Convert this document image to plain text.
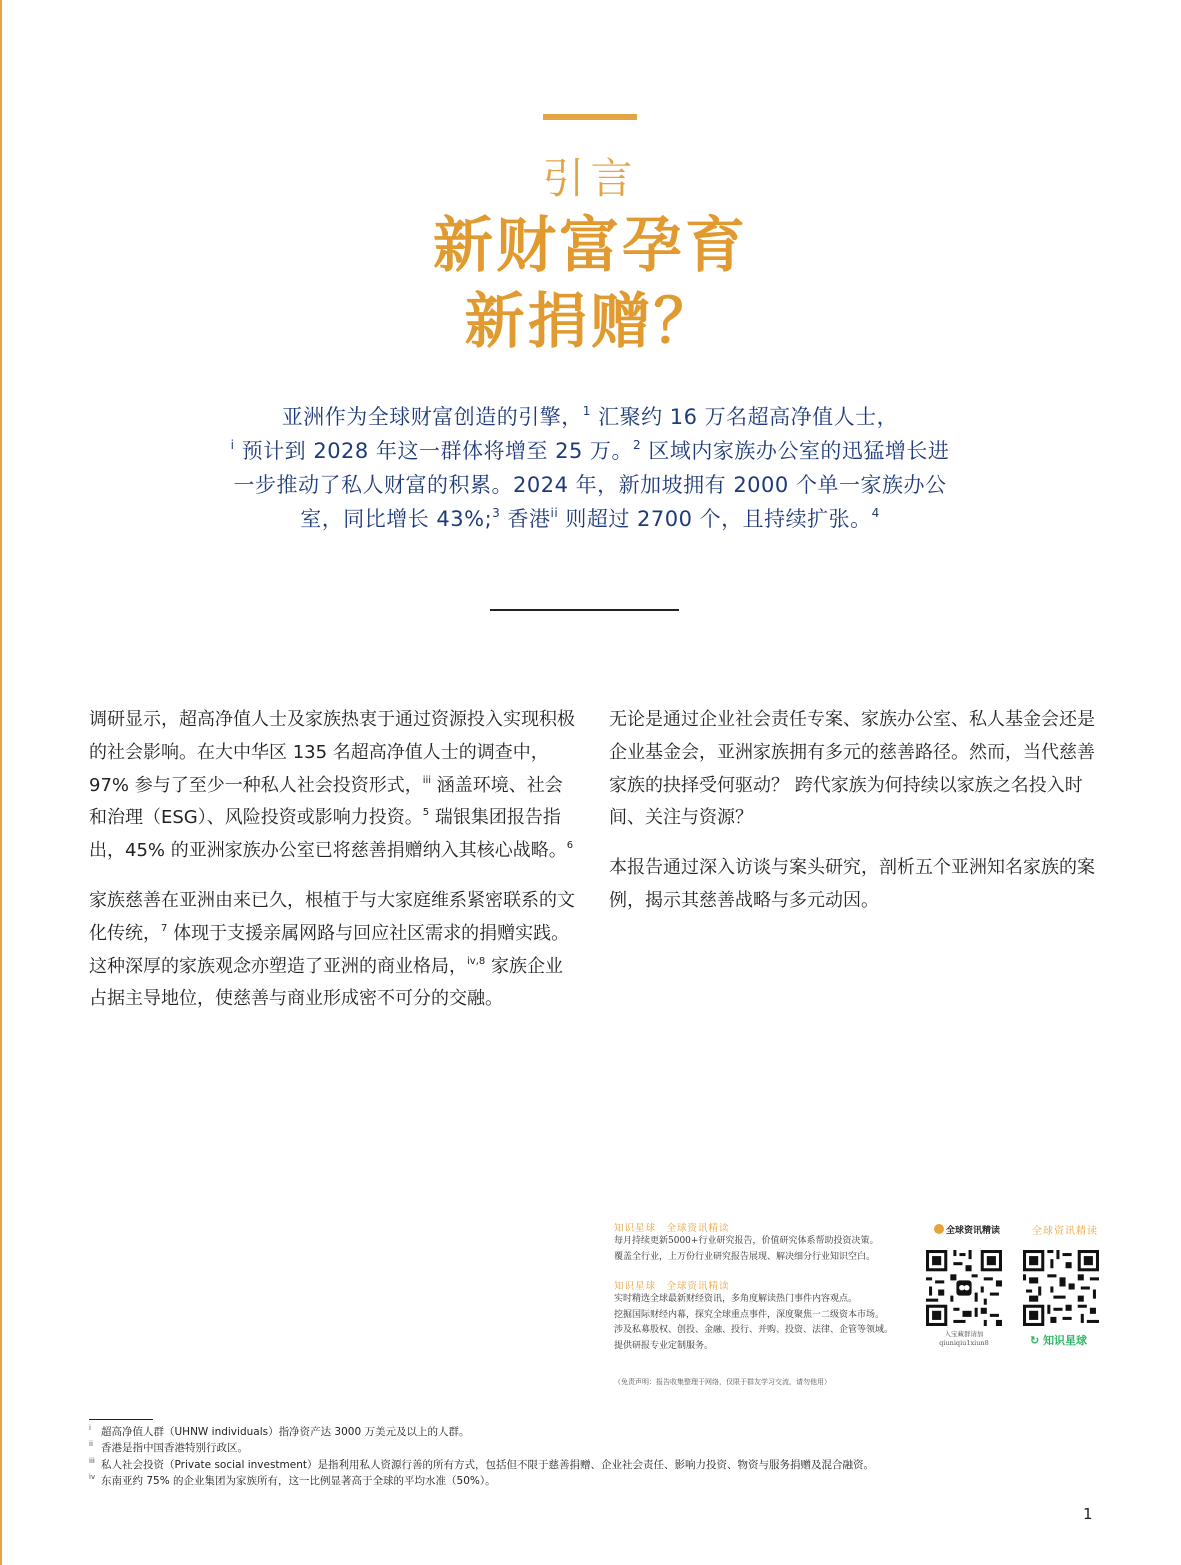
引言
新财富孕育
新捐赠？
亚洲作为全球财富创造的引擎，$^1$ 汇聚约 16 万名超高净值人士，
$^i$ 预计到 2028 年这一群体将增至 25 万。$^2$ 区域内家族办公室的迅猛增长进一步推动了私人财富的积累。2024 年，新加坡拥有 2000 个单一家族办公室，同比增长 43%;$^3$ 香港$^{ii}$ 则超过 2700 个，且持续扩张。$^4$

调研显示，超高净值人士及家族热衷于通过资源投入实现积极的社会影响。在大中华区 135 名超高净值人士的调查中，97% 参与了至少一种私人社会投资形式，$^{iii}$ 涵盖环境、社会和治理（ESG）、风险投资或影响力投资。$^5$ 瑞银集团报告指出，45% 的亚洲家族办公室已将慈善捐赠纳入其核心战略。$^6$

家族慈善在亚洲由来已久，根植于与大家庭维系紧密联系的文化传统，$^7$ 体现于支援亲属网路与回应社区需求的捐赠实践。这种深厚的家族观念亦塑造了亚洲的商业格局，$^{iv,8}$ 家族企业占据主导地位，使慈善与商业形成密不可分的交融。

无论是通过企业社会责任专案、家族办公室、私人基金会还是企业基金会，亚洲家族拥有多元的慈善路径。然而，当代慈善家族的抉择受何驱动？ 跨代家族为何持续以家族之名投入时间、关注与资源？

本报告通过深入访谈与案头研究，剖析五个亚洲知名家族的案例，揭示其慈善战略与多元动因。

知识星球　全球资讯精读
每月持续更新5000+行业研究报告，价值研究体系帮助投资决策。
覆盖全行业，上万份行业研究报告展现、解决细分行业知识空白。
知识星球　全球资讯精读
实时精选全球最新财经资讯，多角度解读热门事件内容观点。
挖掘国际财经内幕，探究全球重点事件，深度聚焦一二级资本市场。
涉及私募股权、创投、金融、投行、并购、投资、法律、企管等领域。
提供研报专业定制服务。
全球资讯精读	全球资讯精读
入宝藏群请加
qiuniqiu1xiun8	↻ 知识星球
（免责声明：报告收集整理于网络，仅限于群友学习交流，请勿他用）
$^i$ 超高净值人群（UHNW individuals）指净资产达 3000 万美元及以上的人群。
$^{ii}$ 香港是指中国香港特别行政区。
$^{iii}$ 私人社会投资（Private social investment）是指利用私人资源行善的所有方式，包括但不限于慈善捐赠、企业社会责任、影响力投资、物资与服务捐赠及混合融资。
$^{iv}$ 东南亚约 75% 的企业集团为家族所有，这一比例显著高于全球的平均水准（50%）。
1
